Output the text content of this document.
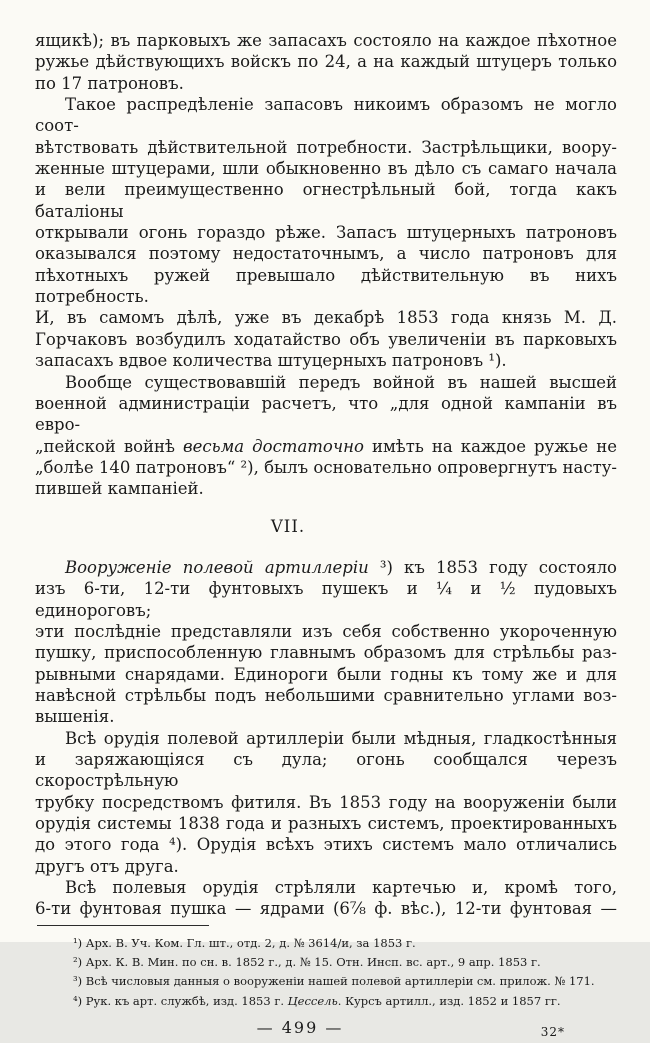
ящикѣ); въ парковыхъ же запасахъ состояло на каждое пѣхотное
ружье дѣйствующихъ войскъ по 24, а на каждый штуцеръ только
по 17 патроновъ.
Такое распредѣленіе запасовъ никоимъ образомъ не могло соот-
вѣтствовать дѣйствительной потребности. Застрѣльщики, воору-
женные штуцерами, шли обыкновенно въ дѣло съ самаго начала
и вели преимущественно огнестрѣльный бой, тогда какъ баталіоны
открывали огонь гораздо рѣже. Запасъ штуцерныхъ патроновъ
оказывался поэтому недостаточнымъ, а число патроновъ для
пѣхотныхъ ружей превышало дѣйствительную въ нихъ потребность.
И, въ самомъ дѣлѣ, уже въ декабрѣ 1853 года князь М. Д.
Горчаковъ возбудилъ ходатайство объ увеличеніи въ парковыхъ
запасахъ вдвое количества штуцерныхъ патроновъ ¹).
Вообще существовавшій передъ войной въ нашей высшей
военной администраціи расчетъ, что „для одной кампаніи въ евро-
„пейской войнѣ весьма достаточно имѣть на каждое ружье не
„болѣе 140 патроновъ“ ²), былъ основательно опровергнутъ насту-
пившей кампаніей.
VII.
Вооруженіе полевой артиллеріи ³) къ 1853 году состояло
изъ 6-ти, 12-ти фунтовыхъ пушекъ и ¼ и ½ пудовыхъ единороговъ;
эти послѣдніе представляли изъ себя собственно укороченную
пушку, приспособленную главнымъ образомъ для стрѣльбы раз-
рывными снарядами. Единороги были годны къ тому же и для
навѣсной стрѣльбы подъ небольшими сравнительно углами воз-
вышенія.
Всѣ орудія полевой артиллеріи были мѣдныя, гладкостѣнныя
и заряжающіяся съ дула; огонь сообщался черезъ скорострѣльную
трубку посредствомъ фитиля. Въ 1853 году на вооруженіи были
орудія системы 1838 года и разныхъ системъ, проектированныхъ
до этого года ⁴). Орудія всѣхъ этихъ системъ мало отличались
другъ отъ друга.
Всѣ полевыя орудія стрѣляли картечью и, кромѣ того,
6-ти фунтовая пушка — ядрами (6⅞ ф. вѣс.), 12-ти фунтовая —
¹) Арх. В. Уч. Ком. Гл. шт., отд. 2, д. № 3614/и, за 1853 г.
²) Арх. К. В. Мин. по сн. в. 1852 г., д. № 15. Отн. Инсп. вс. арт., 9 апр. 1853 г.
³) Всѣ числовыя данныя о вооруженіи нашей полевой артиллеріи см. прилож. № 171.
⁴) Рук. къ арт. службѣ, изд. 1853 г. Цессель. Курсъ артилл., изд. 1852 и 1857 гг.
— 499 —	32*
